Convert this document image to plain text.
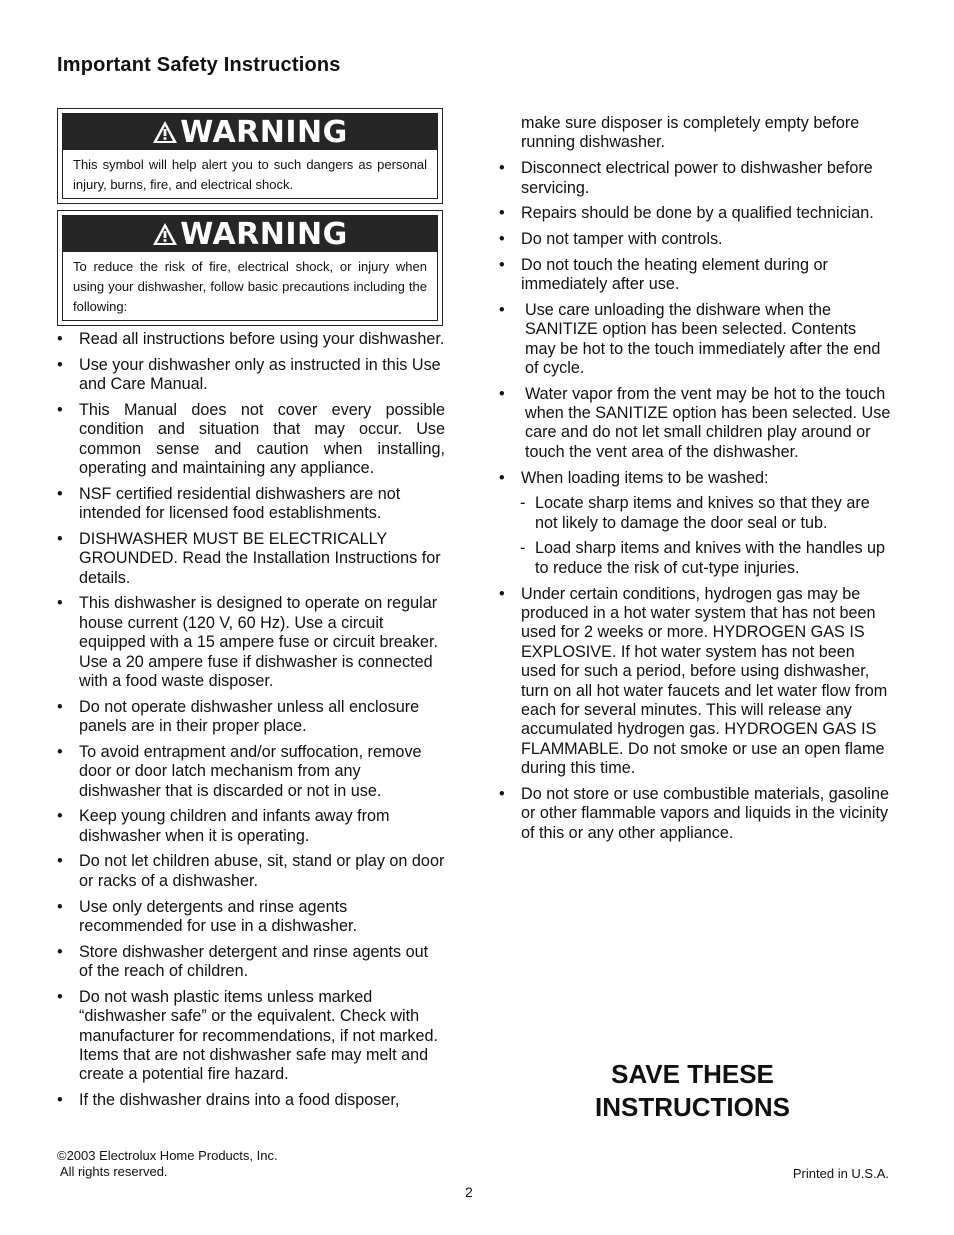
Important Safety Instructions
WARNING
This symbol will help alert you to such dangers as personal injury, burns, fire, and electrical shock.
WARNING
To reduce the risk of fire, electrical shock, or injury when using your dishwasher, follow basic precautions including the following:
• Read all instructions before using your dishwasher.
• Use your dishwasher only as instructed in this Use and Care Manual.
• This Manual does not cover every possible condition and situation that may occur. Use common sense and caution when installing, operating and maintaining any appliance.
• NSF certified residential dishwashers are not intended for licensed food establishments.
• DISHWASHER MUST BE ELECTRICALLY GROUNDED. Read the Installation Instructions for details.
• This dishwasher is designed to operate on regular house current (120 V, 60 Hz). Use a circuit equipped with a 15 ampere fuse or circuit breaker. Use a 20 ampere fuse if dishwasher is connected with a food waste disposer.
• Do not operate dishwasher unless all enclosure panels are in their proper place.
• To avoid entrapment and/or suffocation, remove door or door latch mechanism from any dishwasher that is discarded or not in use.
• Keep young children and infants away from dishwasher when it is operating.
• Do not let children abuse, sit, stand or play on door or racks of a dishwasher.
• Use only detergents and rinse agents recommended for use in a dishwasher.
• Store dishwasher detergent and rinse agents out of the reach of children.
• Do not wash plastic items unless marked “dishwasher safe” or the equivalent. Check with manufacturer for recommendations, if not marked. Items that are not dishwasher safe may melt and create a potential fire hazard.
• If the dishwasher drains into a food disposer,
make sure disposer is completely empty before running dishwasher.
• Disconnect electrical power to dishwasher before servicing.
• Repairs should be done by a qualified technician.
• Do not tamper with controls.
• Do not touch the heating element during or immediately after use.
• Use care unloading the dishware when the SANITIZE option has been selected. Contents may be hot to the touch immediately after the end of cycle.
• Water vapor from the vent may be hot to the touch when the SANITIZE option has been selected. Use care and do not let small children play around or touch the vent area of the dishwasher.
• When loading items to be washed:
- Locate sharp items and knives so that they are not likely to damage the door seal or tub.
- Load sharp items and knives with the handles up to reduce the risk of cut-type injuries.
• Under certain conditions, hydrogen gas may be produced in a hot water system that has not been used for 2 weeks or more. HYDROGEN GAS IS EXPLOSIVE. If hot water system has not been used for such a period, before using dishwasher, turn on all hot water faucets and let water flow from each for several minutes. This will release any accumulated hydrogen gas. HYDROGEN GAS IS FLAMMABLE. Do not smoke or use an open flame during this time.
• Do not store or use combustible materials, gasoline or other flammable vapors and liquids in the vicinity of this or any other appliance.
SAVE THESE
INSTRUCTIONS
©2003 Electrolux Home Products, Inc.
All rights reserved.	Printed in U.S.A.
2
